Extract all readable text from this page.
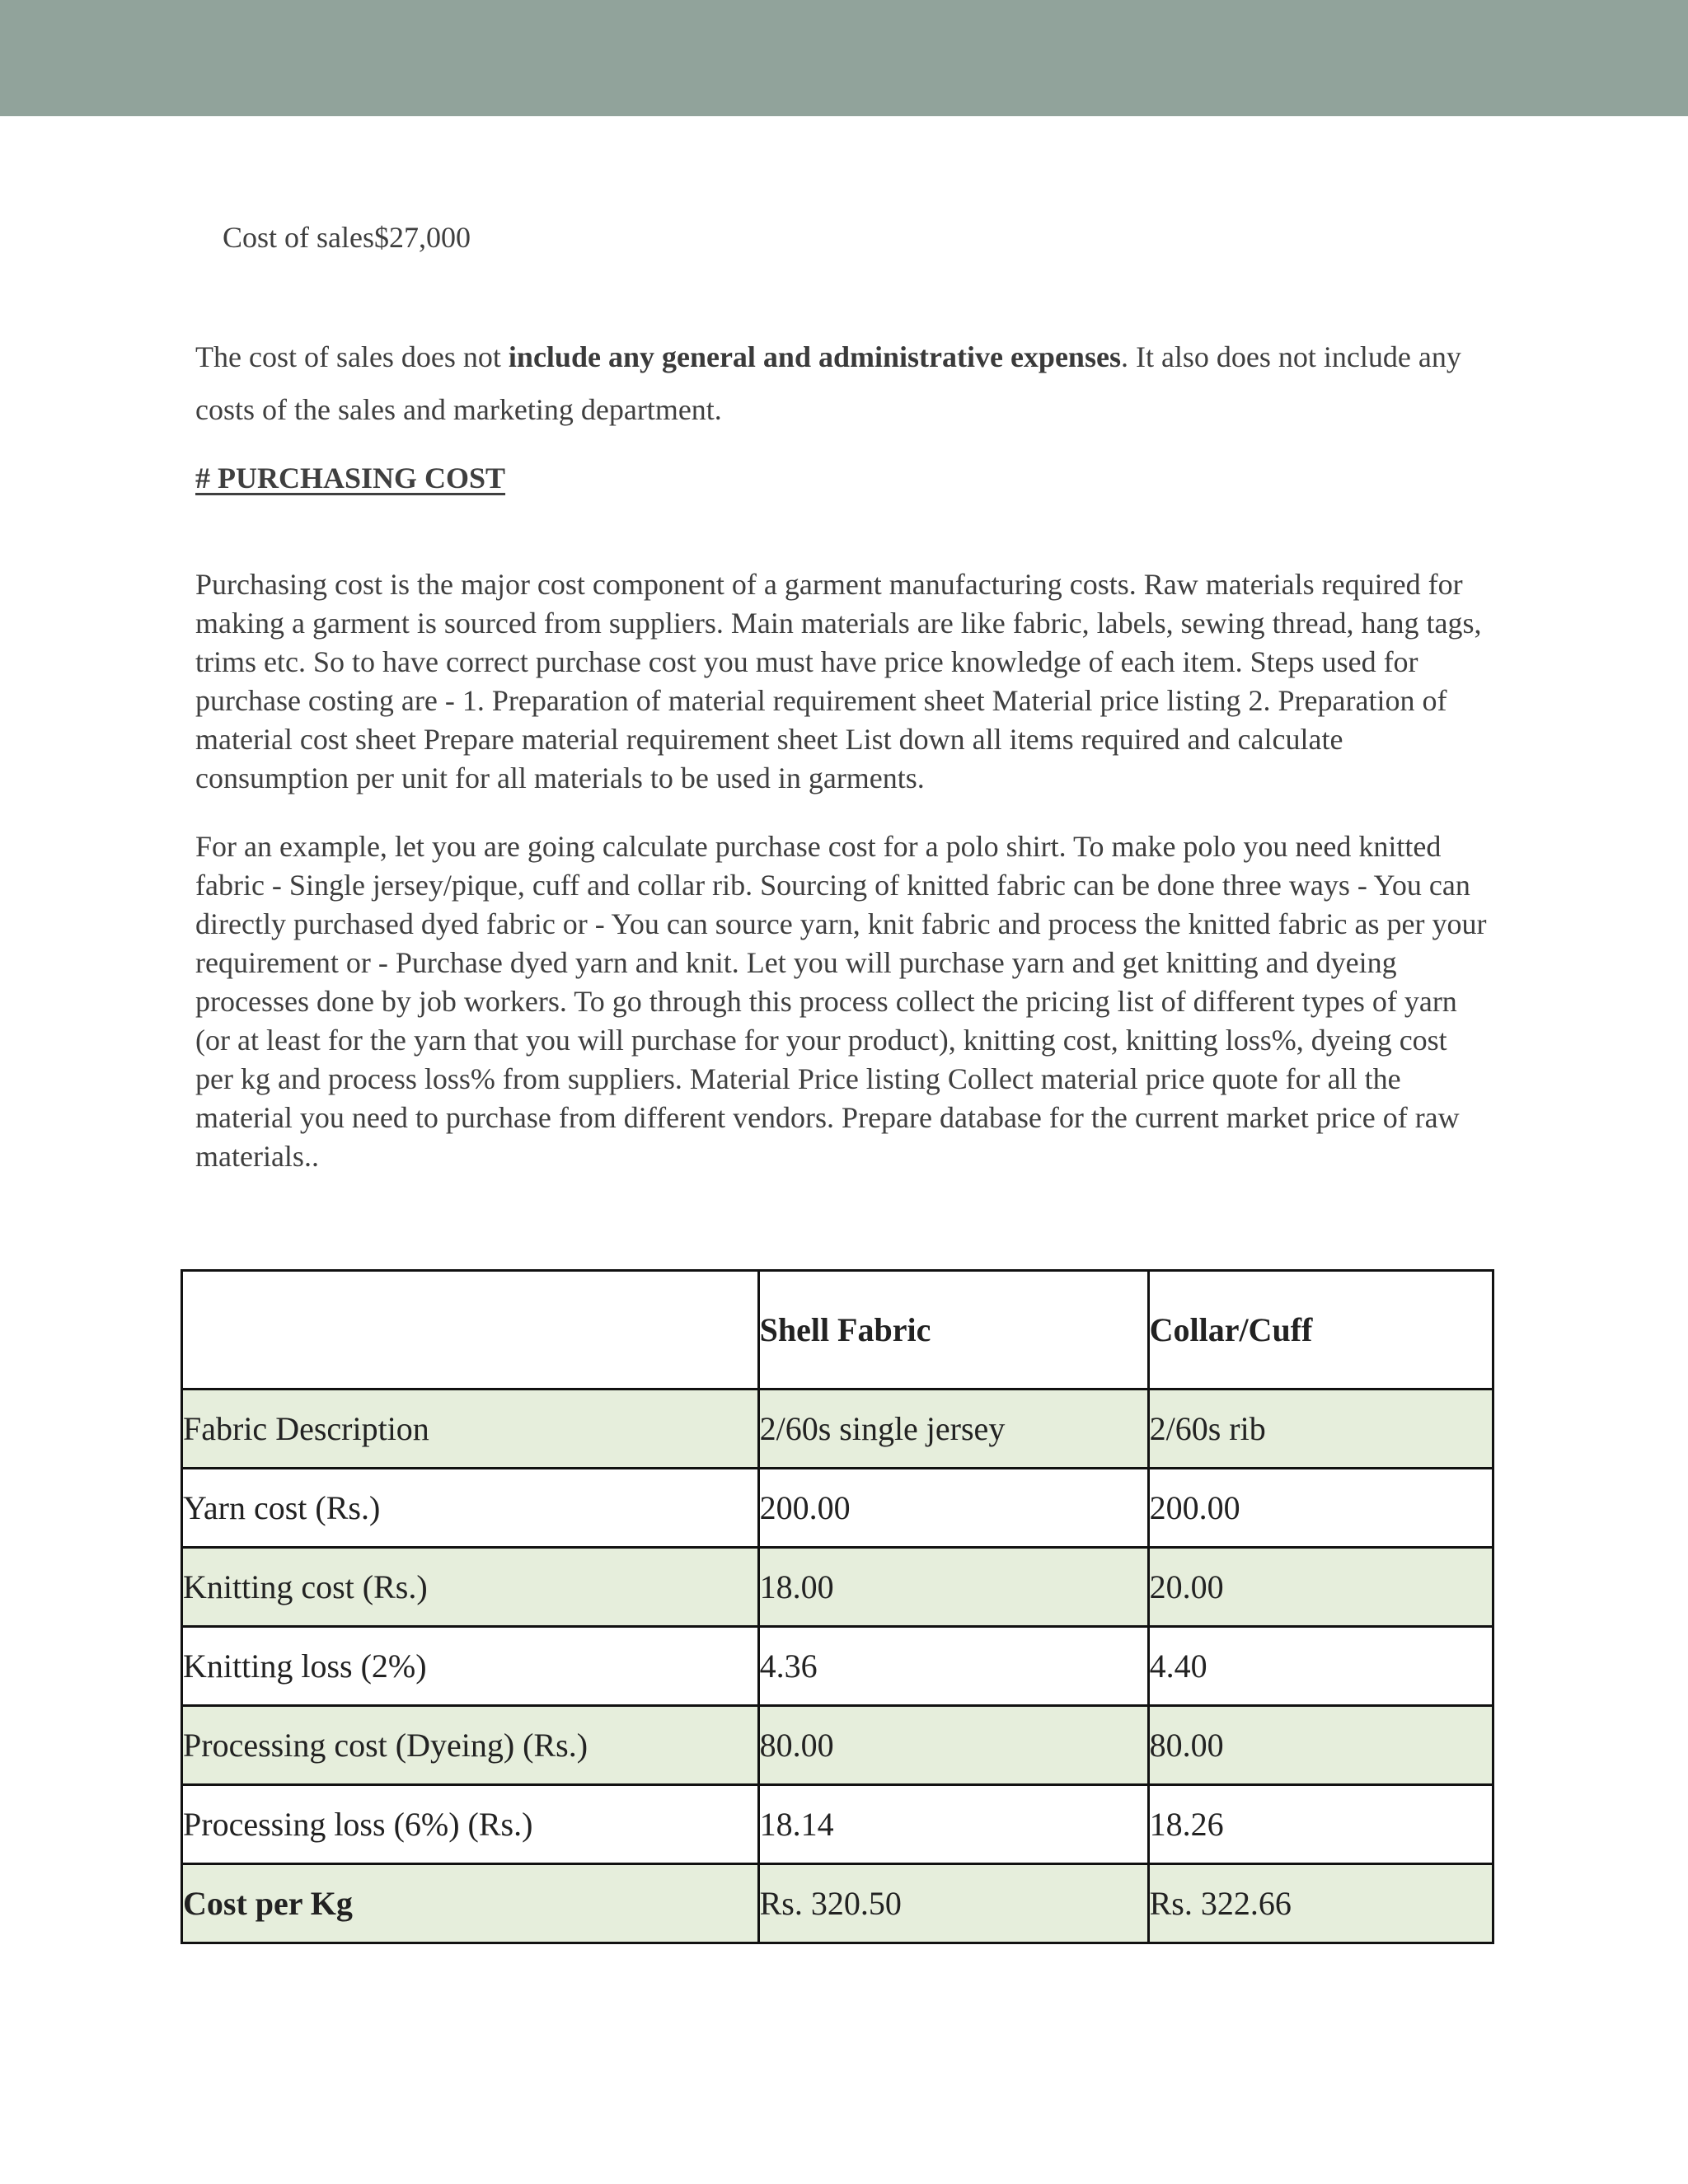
Cost of sales$27,000

The cost of sales does not include any general and administrative expenses. It also does not include any costs of the sales and marketing department.

# PURCHASING COST

Purchasing cost is the major cost component of a garment manufacturing costs. Raw materials required for making a garment is sourced from suppliers. Main materials are like fabric, labels, sewing thread, hang tags, trims etc. So to have correct purchase cost you must have price knowledge of each item. Steps used for purchase costing are - 1. Preparation of material requirement sheet Material price listing 2. Preparation of material cost sheet Prepare material requirement sheet List down all items required and calculate consumption per unit for all materials to be used in garments.

For an example, let you are going calculate purchase cost for a polo shirt. To make polo you need knitted fabric - Single jersey/pique, cuff and collar rib. Sourcing of knitted fabric can be done three ways - You can directly purchased dyed fabric or - You can source yarn, knit fabric and process the knitted fabric as per your requirement or - Purchase dyed yarn and knit. Let you will purchase yarn and get knitting and dyeing processes done by job workers. To go through this process collect the pricing list of different types of yarn (or at least for the yarn that you will purchase for your product), knitting cost, knitting loss%, dyeing cost per kg and process loss% from suppliers. Material Price listing Collect material price quote for all the material you need to purchase from different vendors. Prepare database for the current market price of raw materials..

	Shell Fabric	Collar/Cuff
Fabric Description	2/60s single jersey	2/60s rib
Yarn cost (Rs.)	200.00	200.00
Knitting cost (Rs.)	18.00	20.00
Knitting loss (2%)	4.36	4.40
Processing cost (Dyeing) (Rs.)	80.00	80.00
Processing loss (6%) (Rs.)	18.14	18.26
Cost per Kg	Rs. 320.50	Rs. 322.66
